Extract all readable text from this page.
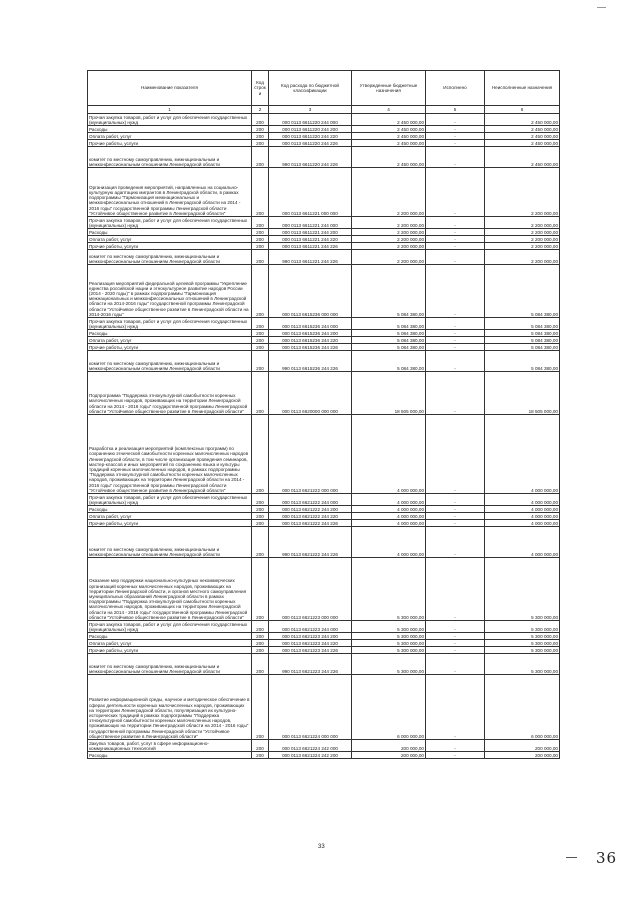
Наименование показателя	Код строки	Код расхода по бюджетной классификации	Утвержденные бюджетные назначения	Исполнено	Неисполненные назначения
1	2	3	4	5	6
Прочая закупка товаров, работ и услуг для обеспечения государственных (муниципальных) нужд	200	000 0113 6611220 244 000	2 450 000,00	-	2 450 000,00
Расходы	200	000 0113 6611220 244 200	2 450 000,00	-	2 450 000,00
Оплата работ, услуг	200	000 0113 6611220 244 220	2 450 000,00	-	2 450 000,00
Прочие работы, услуги	200	000 0113 6611220 244 226	2 450 000,00	-	2 450 000,00
комитет по местному самоуправлению, межнациональным и межконфессиональным отношениям Ленинградской области	200	990 0113 6611220 244 226	2 450 000,00	-	2 450 000,00
Организация проведения мероприятий, направленных на социально-культурную адаптацию мигрантов в Ленинградской области, в рамках подпрограммы "Гармонизация межнациональных и межконфессиональных отношений в Ленинградской области на 2014 - 2016 годы" государственной программы Ленинградской области "Устойчивое общественное развитие в Ленинградской области"	200	000 0113 6611221 000 000	2 200 000,00	-	2 200 000,00
Прочая закупка товаров, работ и услуг для обеспечения государственных (муниципальных) нужд	200	000 0113 6611221 244 000	2 200 000,00	-	2 200 000,00
Расходы	200	000 0113 6611221 244 200	2 200 000,00	-	2 200 000,00
Оплата работ, услуг	200	000 0113 6611221 244 220	2 200 000,00	-	2 200 000,00
Прочие работы, услуги	200	000 0113 6611221 244 226	2 200 000,00	-	2 200 000,00
комитет по местному самоуправлению, межнациональным и межконфессиональным отношениям Ленинградской области	200	990 0113 6611221 244 226	2 200 000,00	-	2 200 000,00
Реализация мероприятий федеральной целевой программы "Укрепление единства российской нации и этнокультурное развитие народов России (2014 - 2020 годы)" в рамках подпрограммы "Гармонизация межнациональных и межконфессиональных отношений в Ленинградской области на 2014-2016 годы" государственной программы Ленинградской области "Устойчивое общественное развитие в Ленинградской области на 2014-2016 годы"	200	000 0113 6615236 000 000	5 084 380,00	-	5 084 380,00
Прочая закупка товаров, работ и услуг для обеспечения государственных (муниципальных) нужд	200	000 0113 6615236 244 000	5 084 380,00	-	5 084 380,00
Расходы	200	000 0113 6615236 244 200	5 084 380,00	-	5 084 380,00
Оплата работ, услуг	200	000 0113 6615236 244 220	5 084 380,00	-	5 084 380,00
Прочие работы, услуги	200	000 0113 6615236 244 226	5 084 380,00	-	5 084 380,00
комитет по местному самоуправлению, межнациональным и межконфессиональным отношениям Ленинградской области	200	990 0113 6615236 244 226	5 084 380,00	-	5 084 380,00
Подпрограмма "Поддержка этнокультурной самобытности коренных малочисленных народов, проживающих на территории Ленинградской области на 2014 - 2016 годы" государственной программы Ленинградской области "Устойчивое общественное развитие в Ленинградской области"	200	000 0113 6620000 000 000	18 505 000,00	-	18 505 000,00
Разработка и реализация мероприятий (комплексных программ) по сохранению этнической самобытности коренных малочисленных народов Ленинградской области, в том числе организация проведения семинаров, мастер-классов и иных мероприятий по сохранению языка и культуры традиций коренных малочисленных народов, в рамках подпрограммы "Поддержка этнокультурной самобытности коренных малочисленных народов, проживающих на территории Ленинградской области на 2014 - 2016 годы" государственной программы Ленинградской области "Устойчивое общественное развитие в Ленинградской области"	200	000 0113 6621222 000 000	4 000 000,00	-	4 000 000,00
Прочая закупка товаров, работ и услуг для обеспечения государственных (муниципальных) нужд	200	000 0113 6621222 244 000	4 000 000,00	-	4 000 000,00
Расходы	200	000 0113 6621222 244 200	4 000 000,00	-	4 000 000,00
Оплата работ, услуг	200	000 0113 6621222 244 220	4 000 000,00	-	4 000 000,00
Прочие работы, услуги	200	000 0113 6621222 244 226	4 000 000,00	-	4 000 000,00
комитет по местному самоуправлению, межнациональным и межконфессиональным отношениям Ленинградской области	200	990 0113 6621222 244 226	4 000 000,00	-	4 000 000,00
Оказание мер поддержки национально-культурных некоммерческих организаций коренных малочисленных народов, проживающих на территории Ленинградской области, и органов местного самоуправления муниципальных образований Ленинградской области в рамках подпрограммы "Поддержка этнокультурной самобытности коренных малочисленных народов, проживающих на территории Ленинградской области на 2014 - 2016 годы" государственной программы Ленинградской области "Устойчивое общественное развитие в Ленинградской области"	200	000 0113 6621223 000 000	5 300 000,00	-	5 300 000,00
Прочая закупка товаров, работ и услуг для обеспечения государственных (муниципальных) нужд	200	000 0113 6621223 244 000	5 300 000,00	-	5 300 000,00
Расходы	200	000 0113 6621223 244 200	5 300 000,00	-	5 300 000,00
Оплата работ, услуг	200	000 0113 6621223 244 220	5 300 000,00	-	5 300 000,00
Прочие работы, услуги	200	000 0113 6621223 244 226	5 300 000,00	-	5 300 000,00
комитет по местному самоуправлению, межнациональным и межконфессиональным отношениям Ленинградской области	200	990 0113 6621223 244 226	5 300 000,00	-	5 300 000,00
Развитие информационной среды, научное и методическое обеспечение в сферах деятельности коренных малочисленных народов, проживающих на территории Ленинградской области, популяризация их культурно-исторических традиций в рамках подпрограммы "Поддержка этнокультурной самобытности коренных малочисленных народов, проживающих на территории Ленинградской области на 2014 - 2016 годы" государственной программы Ленинградской области "Устойчивое общественное развитие в Ленинградской области"	200	000 0113 6621224 000 000	6 000 000,00	-	6 000 000,00
Закупка товаров, работ, услуг в сфере информационно-коммуникационных технологий	200	000 0113 6621224 242 000	200 000,00	-	200 000,00
Расходы	200	000 0113 6621224 242 200	200 000,00	-	200 000,00
33
36
